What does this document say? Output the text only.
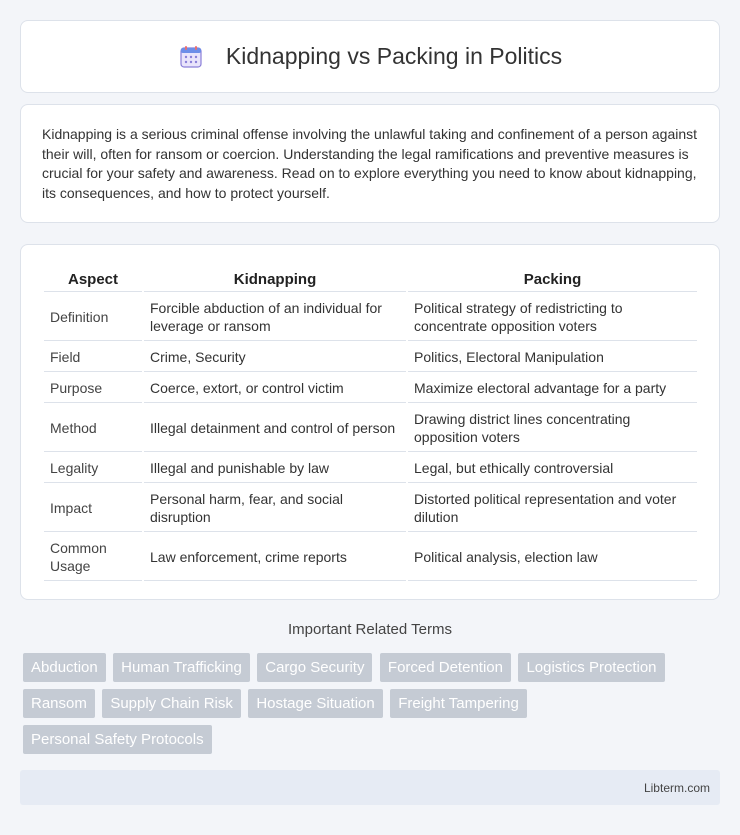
Kidnapping vs Packing in Politics

Kidnapping is a serious criminal offense involving the unlawful taking and confinement of a person against their will, often for ransom or coercion. Understanding the legal ramifications and preventive measures is crucial for your safety and awareness. Read on to explore everything you need to know about kidnapping, its consequences, and how to protect yourself.

Aspect	Kidnapping	Packing
Definition	Forcible abduction of an individual for leverage or ransom	Political strategy of redistricting to concentrate opposition voters
Field	Crime, Security	Politics, Electoral Manipulation
Purpose	Coerce, extort, or control victim	Maximize electoral advantage for a party
Method	Illegal detainment and control of person	Drawing district lines concentrating opposition voters
Legality	Illegal and punishable by law	Legal, but ethically controversial
Impact	Personal harm, fear, and social disruption	Distorted political representation and voter dilution
Common Usage	Law enforcement, crime reports	Political analysis, election law
Important Related Terms
Abduction Human Trafficking Cargo Security Forced Detention Logistics Protection Ransom Supply Chain Risk Hostage Situation Freight Tampering Personal Safety Protocols
Libterm.com
